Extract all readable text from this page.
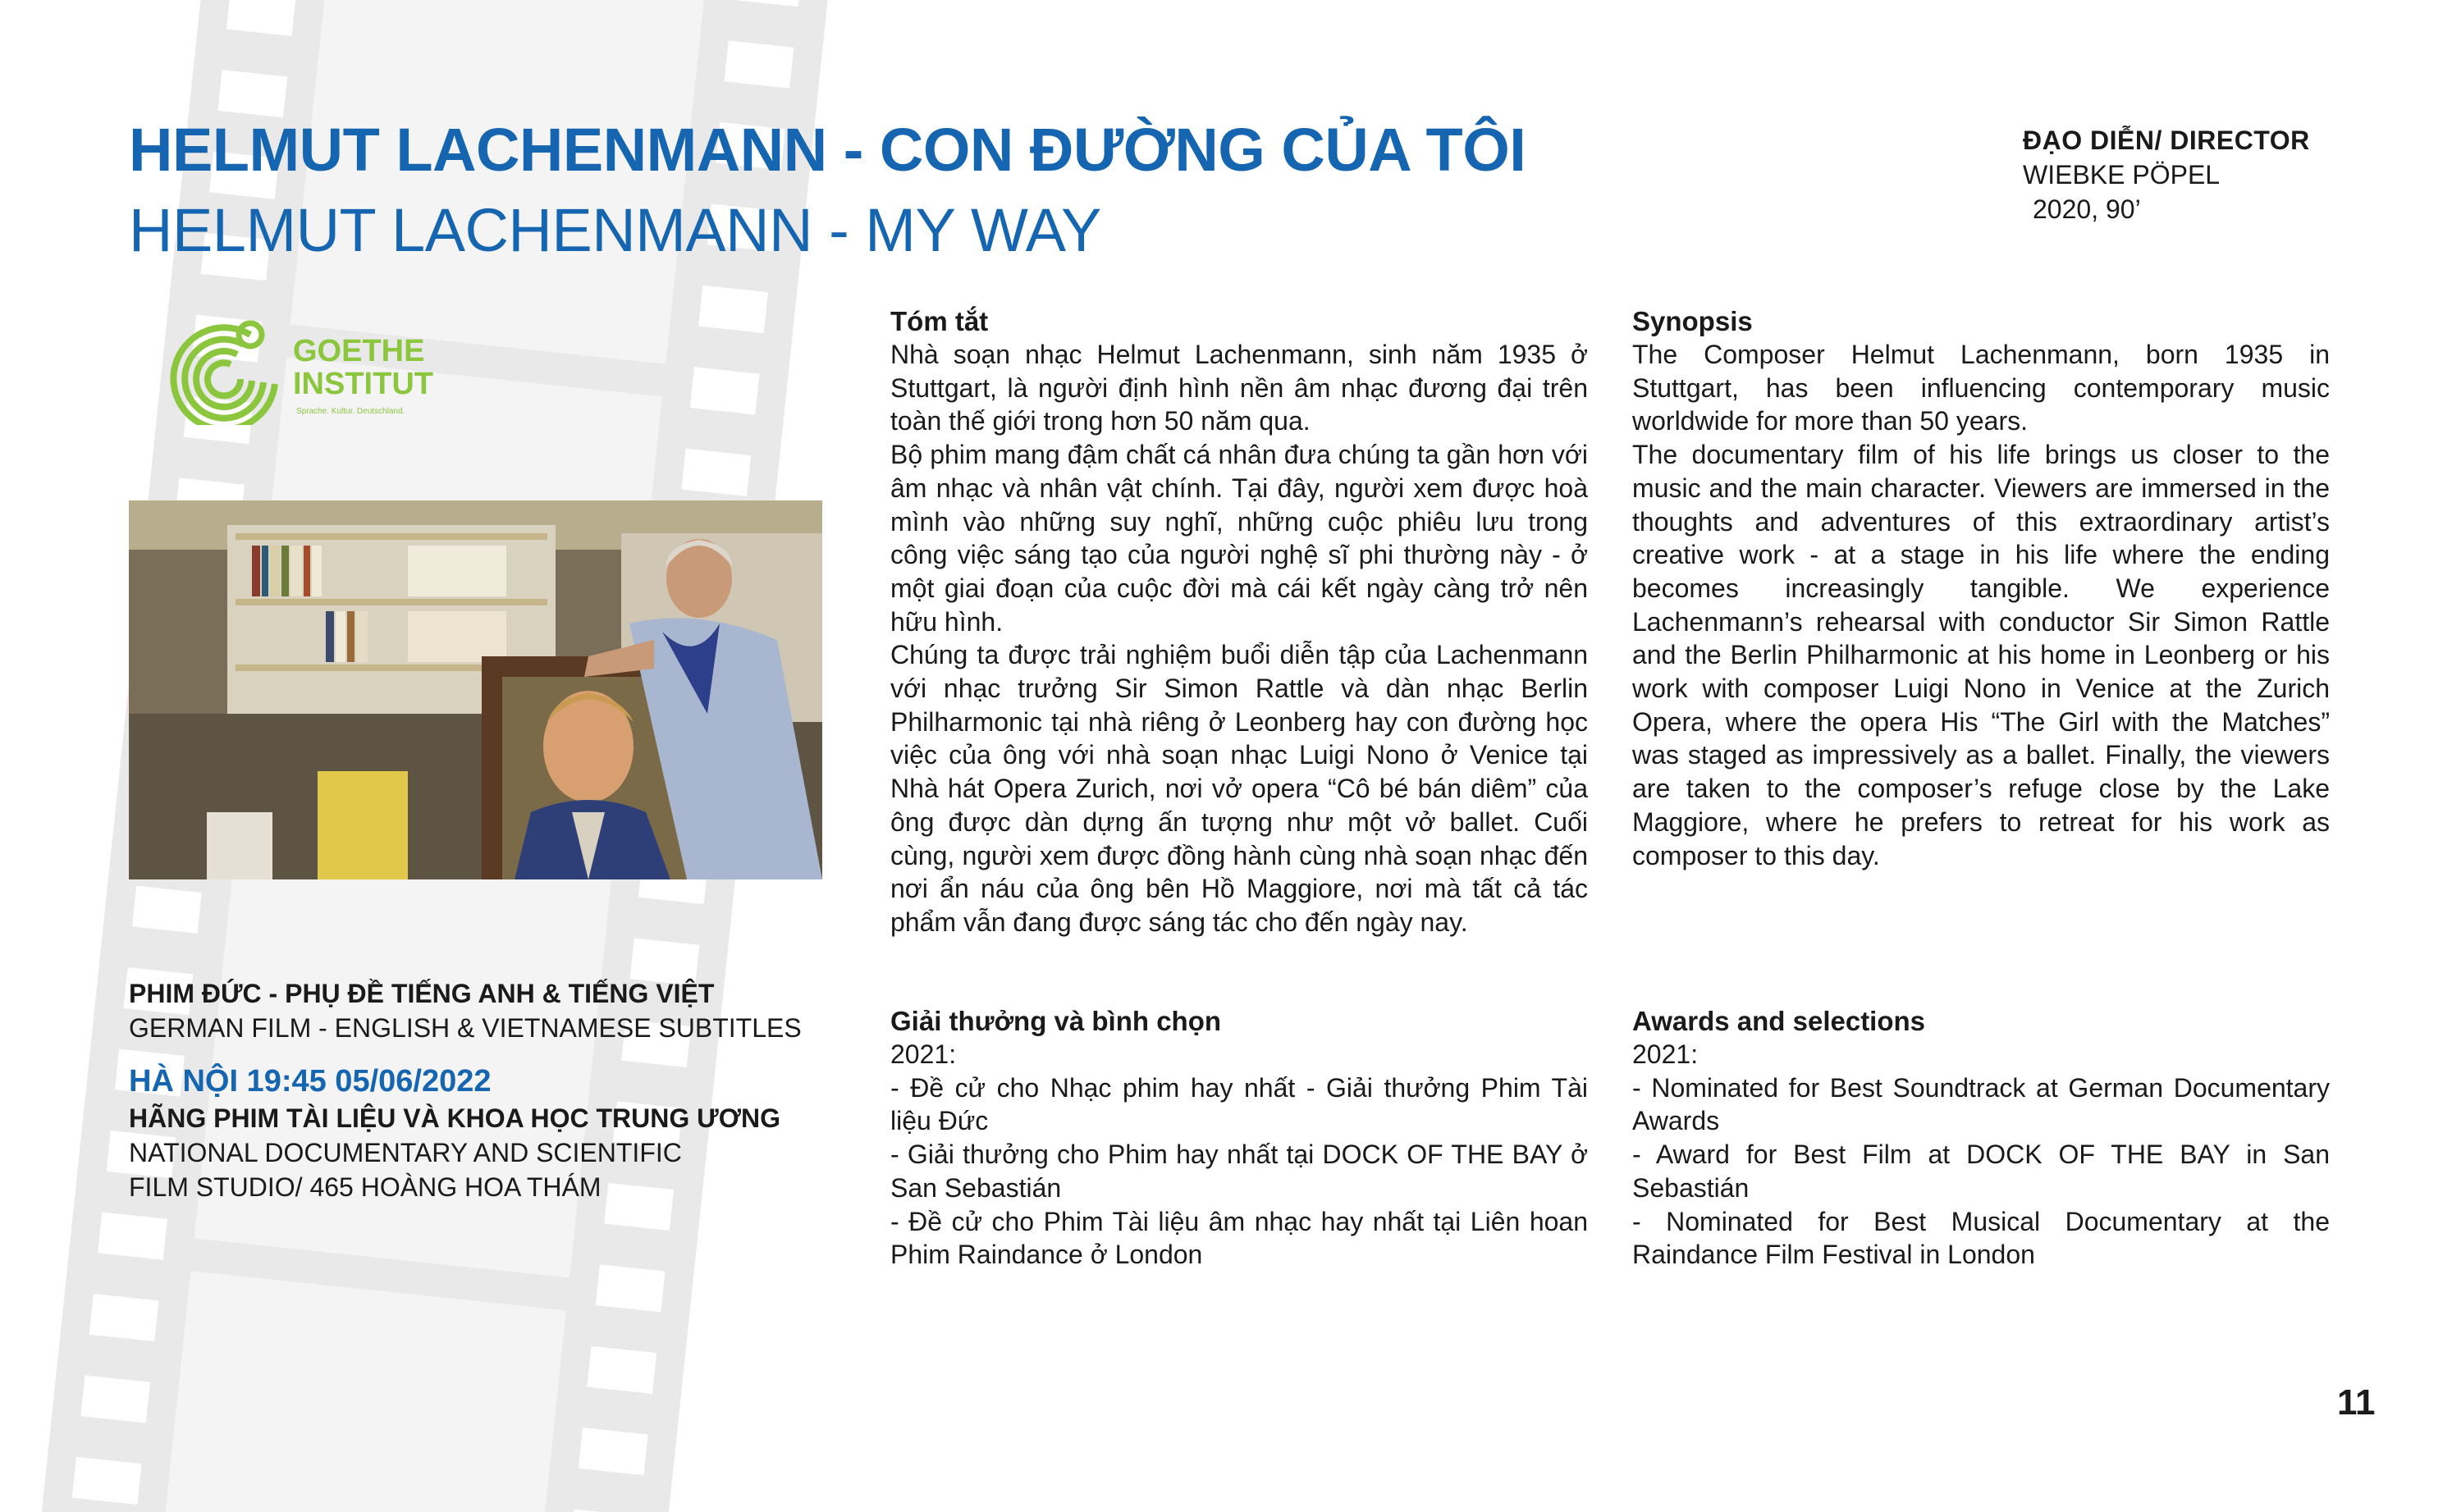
HELMUT LACHENMANN - CON ĐƯỜNG CỦA TÔI
HELMUT LACHENMANN - MY WAY
ĐẠO DIỄN/ DIRECTOR
WIEBKE PÖPEL
2020, 90’
GOETHE
INSTITUT
Sprache. Kultur. Deutschland.
PHIM ĐỨC - PHỤ ĐỀ TIẾNG ANH & TIẾNG VIỆT
GERMAN FILM - ENGLISH & VIETNAMESE SUBTITLES
HÀ NỘI 19:45 05/06/2022
HÃNG PHIM TÀI LIỆU VÀ KHOA HỌC TRUNG ƯƠNG
NATIONAL DOCUMENTARY AND SCIENTIFIC
FILM STUDIO/ 465 HOÀNG HOA THÁM
Tóm tắt

Nhà soạn nhạc Helmut Lachenmann, sinh năm 1935 ở Stuttgart, là người định hình nền âm nhạc đương đại trên toàn thế giới trong hơn 50 năm qua.

Bộ phim mang đậm chất cá nhân đưa chúng ta gần hơn với âm nhạc và nhân vật chính. Tại đây, người xem được hoà mình vào những suy nghĩ, những cuộc phiêu lưu trong công việc sáng tạo của người nghệ sĩ phi thường này - ở một giai đoạn của cuộc đời mà cái kết ngày càng trở nên hữu hình.

Chúng ta được trải nghiệm buổi diễn tập của Lachenmann với nhạc trưởng Sir Simon Rattle và dàn nhạc Berlin Philharmonic tại nhà riêng ở Leonberg hay con đường học việc của ông với nhà soạn nhạc Luigi Nono ở Venice tại Nhà hát Opera Zurich, nơi vở opera “Cô bé bán diêm” của ông được dàn dựng ấn tượng như một vở ballet. Cuối cùng, người xem được đồng hành cùng nhà soạn nhạc đến nơi ẩn náu của ông bên Hồ Maggiore, nơi mà tất cả tác phẩm vẫn đang được sáng tác cho đến ngày nay.

Synopsis

The Composer Helmut Lachenmann, born 1935 in Stuttgart, has been influencing contemporary music worldwide for more than 50 years.

The documentary film of his life brings us closer to the music and the main character. Viewers are immersed in the thoughts and adventures of this extraordinary artist’s creative work - at a stage in his life where the ending becomes increasingly tangible. We experience Lachenmann’s rehearsal with conductor Sir Simon Rattle and the Berlin Philharmonic at his home in Leonberg or his work with composer Luigi Nono in Venice at the Zurich Opera, where the opera His “The Girl with the Matches” was staged as impressively as a ballet. Finally, the viewers are taken to the composer’s refuge close by the Lake Maggiore, where he prefers to retreat for his work as composer to this day.

Giải thưởng và bình chọn

2021:

- Đề cử cho Nhạc phim hay nhất - Giải thưởng Phim Tài liệu Đức

- Giải thưởng cho Phim hay nhất tại DOCK OF THE BAY ở San Sebastián

- Đề cử cho Phim Tài liệu âm nhạc hay nhất tại Liên hoan Phim Raindance ở London

Awards and selections

2021:

- Nominated for Best Soundtrack at German Documentary Awards

- Award for Best Film at DOCK OF THE BAY in San Sebastián

- Nominated for Best Musical Documentary at the Raindance Film Festival in London

11
